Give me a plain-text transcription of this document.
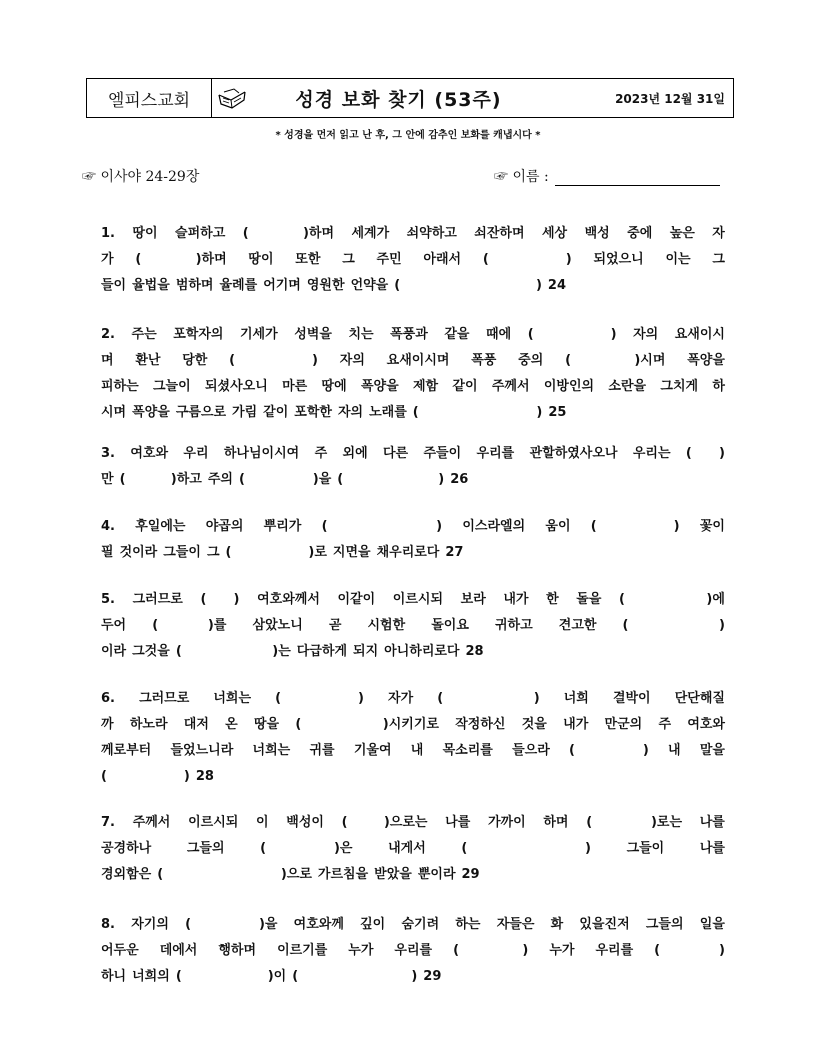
엘피스교회	성경 보화 찾기 (53주)	2023년 12월 31일
* 성경을 먼저 읽고 난 후, 그 안에 감추인 보화를 캐냅시다 *
☞ 이사야 24-29장	☞ 이름 :
1. 땅이 슬퍼하고 (            )하며 세계가 쇠약하고 쇠잔하며 세상 백성 중에 높은 자
가 (            )하며 땅이 또한 그 주민 아래서 (                 ) 되었으니 이는 그
들이 율법을 범하며 율례를 어기며 영원한 언약을 (                              ) 24
2. 주는 포학자의 기세가 성벽을 치는 폭풍과 같을 때에 (                 ) 자의 요새이시
며 환난 당한 (                 ) 자의 요새이시며 폭풍 중의 (              )시며 폭양을
피하는 그늘이 되셨사오니 마른 땅에 폭양을 제함 같이 주께서 이방인의 소란을 그치게 하
시며 폭양을 구름으로 가림 같이 포학한 자의 노래를 (                          ) 25
3. 여호와 우리 하나님이시여 주 외에 다른 주들이 우리를 관할하였사오나 우리는 (      )
만 (          )하고 주의 (               )을 (                     ) 26
4. 후일에는 야곱의 뿌리가 (                        ) 이스라엘의 움이 (                 ) 꽃이
필 것이라 그들이 그 (                 )로 지면을 채우리로다 27
5. 그러므로 (      ) 여호와께서 이같이 이르시되 보라 내가 한 돌을 (                  )에
두어 (           )를 삼았노니 곧 시험한 돌이요 귀하고 견고한 (                    )
이라 그것을 (                    )는 다급하게 되지 아니하리로다 28
6. 그러므로 너희는 (                 ) 자가 (                    ) 너희 결박이 단단해질
까 하노라 대저 온 땅을 (                  )시키기로 작정하신 것을 내가 만군의 주 여호와
께로부터 들었느니라 너희는 귀를 기울여 내 목소리를 들으라 (               ) 내 말을
(                 ) 28
7. 주께서 이르시되 이 백성이 (        )으로는 나를 가까이 하며 (             )로는 나를
공경하나	그들의	(               )은	내게서	(                          )	그들이	나를
경외함은 (                          )으로 가르침을 받았을 뿐이라 29
8. 자기의 (               )을 여호와께 깊이 숨기려 하는 자들은 화 있을진저 그들의 일을
어두운 데에서 행하며 이르기를 누가 우리를 (              ) 누가 우리를 (             )
하니 너희의 (                   )이 (                         ) 29
